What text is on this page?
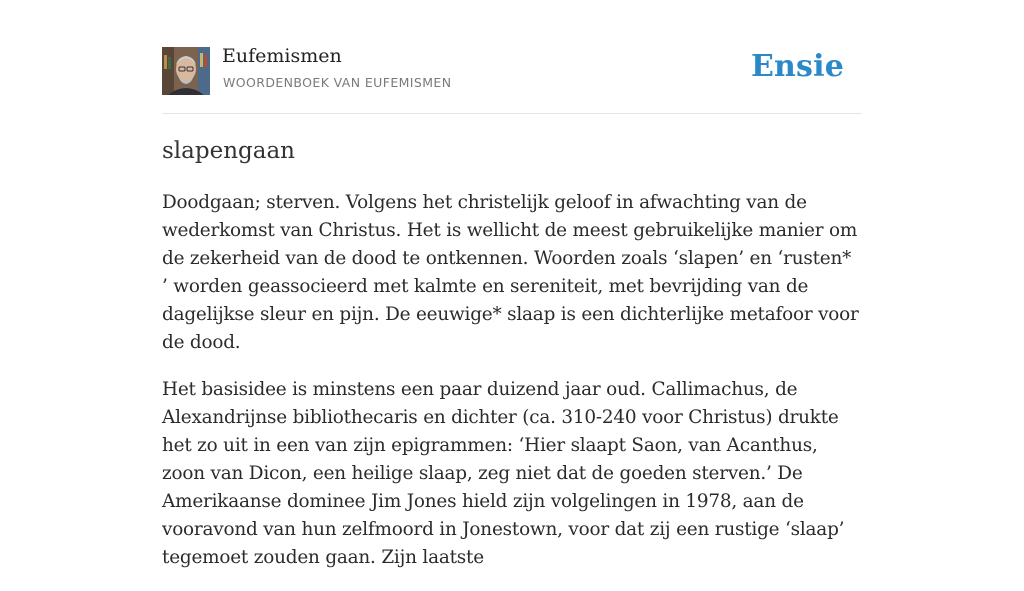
Eufemismen
WOORDENBOEK VAN EUFEMISMEN	Ensie
slapengaan

Doodgaan; sterven. Volgens het christelijk geloof in afwachting van de wederkomst van Christus. Het is wellicht de meest gebruikelijke manier om de zekerheid van de dood te ontkennen. Woorden zoals ‘slapen’ en ‘rusten* ’ worden geassocieerd met kalmte en sereniteit, met bevrijding van de dagelijkse sleur en pijn. De eeuwige* slaap is een dichterlijke metafoor voor de dood.

Het basisidee is minstens een paar duizend jaar oud. Callimachus, de Alexandrijnse bibliothecaris en dichter (ca. 310-240 voor Christus) drukte het zo uit in een van zijn epigrammen: ‘Hier slaapt Saon, van Acanthus, zoon van Dicon, een heilige slaap, zeg niet dat de goeden sterven.’ De Amerikaanse dominee Jim Jones hield zijn volgelingen in 1978, aan de vooravond van hun zelfmoord in Jonestown, voor dat zij een rustige ‘slaap’ tegemoet zouden gaan. Zijn laatste
